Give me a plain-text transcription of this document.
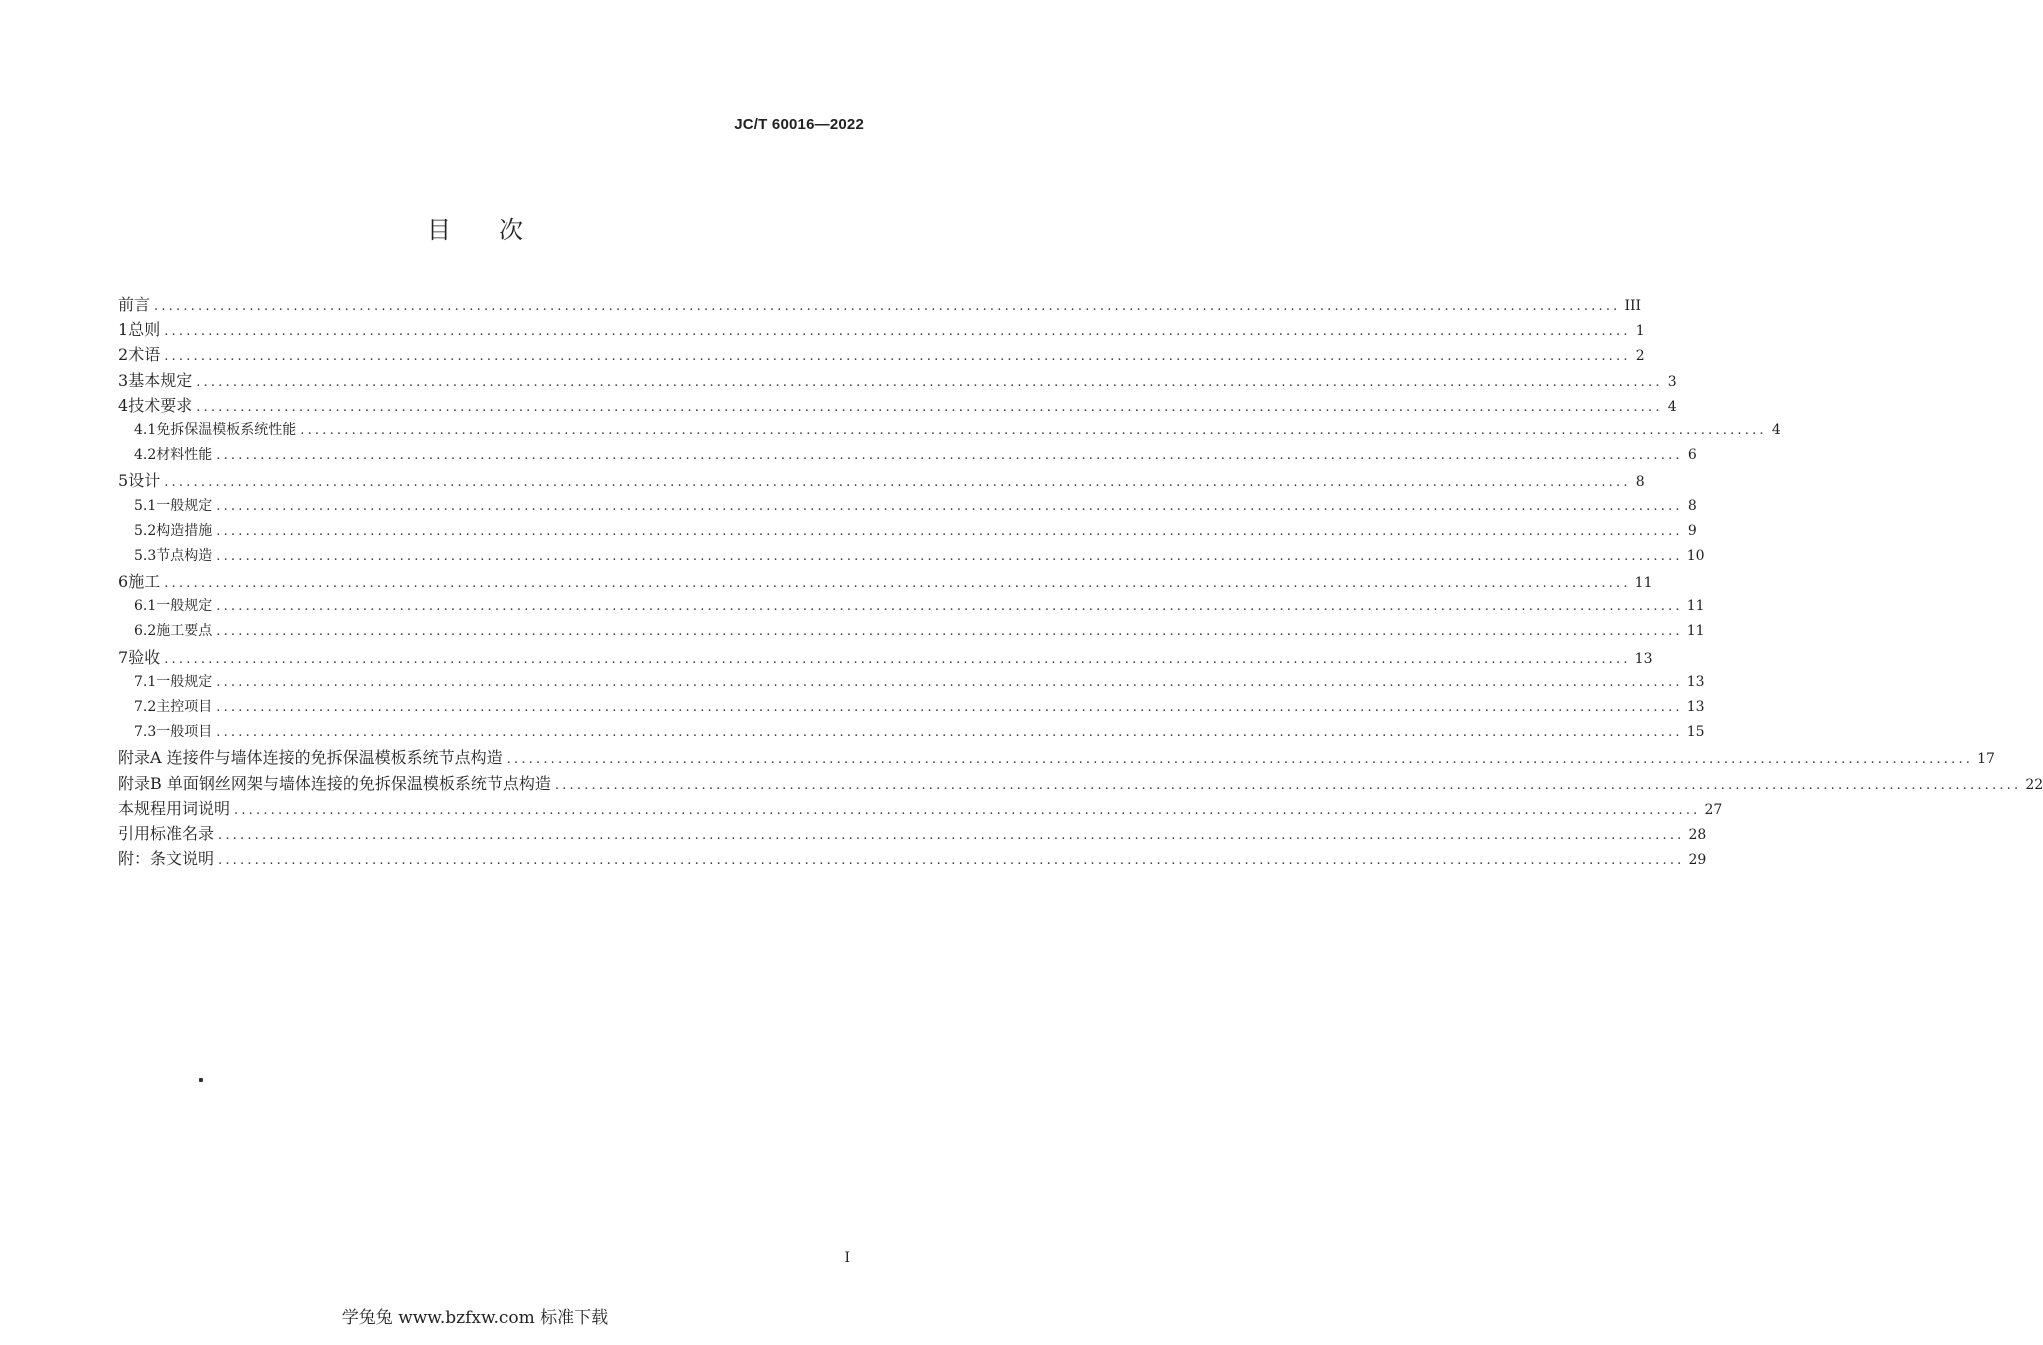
JC/T 60016—2022
目次
前言 ........................................................................................................................................................................................................ III
1 总则 ........................................................................................................................................................................................................ 1
2 术语 ........................................................................................................................................................................................................ 2
3 基本规定 ........................................................................................................................................................................................................ 3
4 技术要求 ........................................................................................................................................................................................................ 4
4.1 免拆保温模板系统性能 ........................................................................................................................................................................................................ 4
4.2 材料性能 ........................................................................................................................................................................................................ 6
5 设计 ........................................................................................................................................................................................................ 8
5.1 一般规定 ........................................................................................................................................................................................................ 8
5.2 构造措施 ........................................................................................................................................................................................................ 9
5.3 节点构造 ........................................................................................................................................................................................................ 10
6 施工 ........................................................................................................................................................................................................ 11
6.1 一般规定 ........................................................................................................................................................................................................ 11
6.2 施工要点 ........................................................................................................................................................................................................ 11
7 验收 ........................................................................................................................................................................................................ 13
7.1 一般规定 ........................................................................................................................................................................................................ 13
7.2 主控项目 ........................................................................................................................................................................................................ 13
7.3 一般项目 ........................................................................................................................................................................................................ 15
附录A 连接件与墙体连接的免拆保温模板系统节点构造 ........................................................................................................................................................................................................ 17
附录B 单面钢丝网架与墙体连接的免拆保温模板系统节点构造 ........................................................................................................................................................................................................ 22
本规程用词说明 ........................................................................................................................................................................................................ 27
引用标准名录 ........................................................................................................................................................................................................ 28
附：条文说明 ........................................................................................................................................................................................................ 29
I
学兔兔 www.bzfxw.com 标准下载
